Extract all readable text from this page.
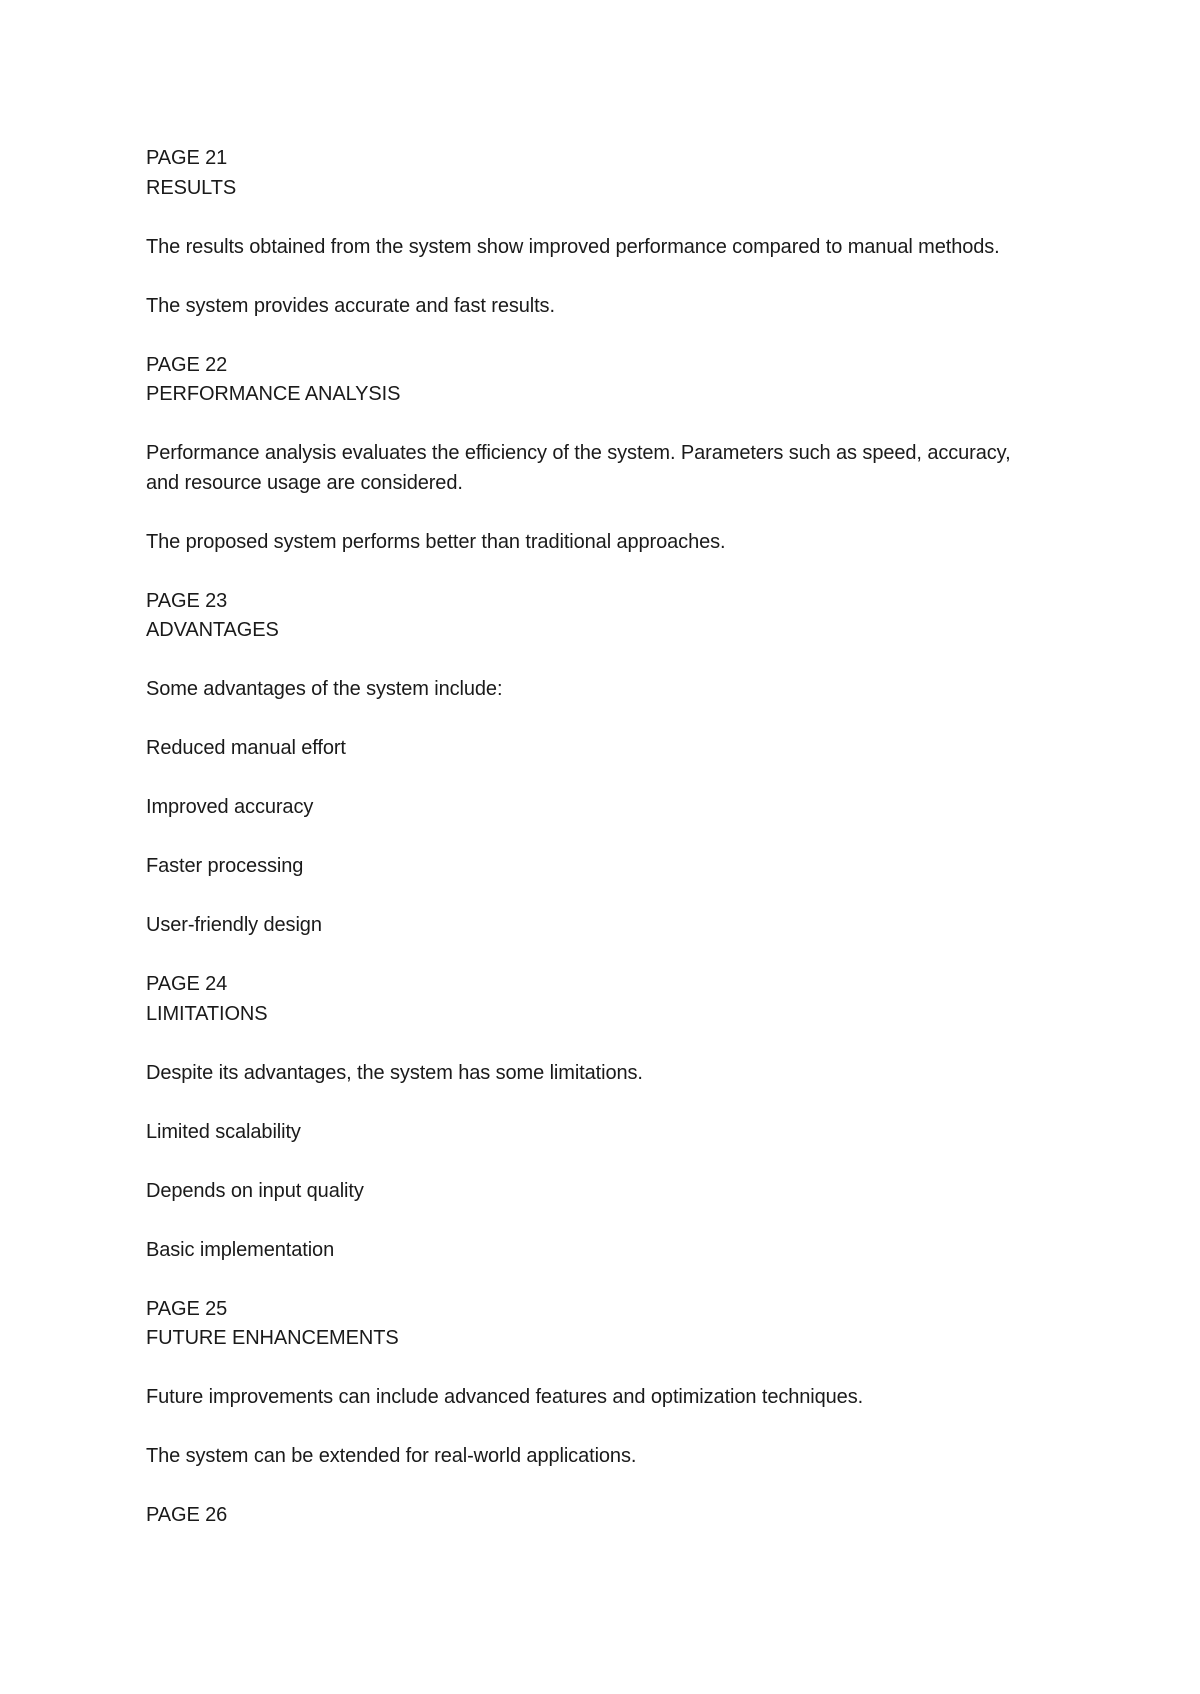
PAGE 21
RESULTS
The results obtained from the system show improved performance compared to manual methods.
The system provides accurate and fast results.
PAGE 22
PERFORMANCE ANALYSIS
Performance analysis evaluates the efficiency of the system. Parameters such as speed, accuracy, and resource usage are considered.
The proposed system performs better than traditional approaches.
PAGE 23
ADVANTAGES
Some advantages of the system include:
Reduced manual effort
Improved accuracy
Faster processing
User-friendly design
PAGE 24
LIMITATIONS
Despite its advantages, the system has some limitations.
Limited scalability
Depends on input quality
Basic implementation
PAGE 25
FUTURE ENHANCEMENTS
Future improvements can include advanced features and optimization techniques.
The system can be extended for real-world applications.
PAGE 26
